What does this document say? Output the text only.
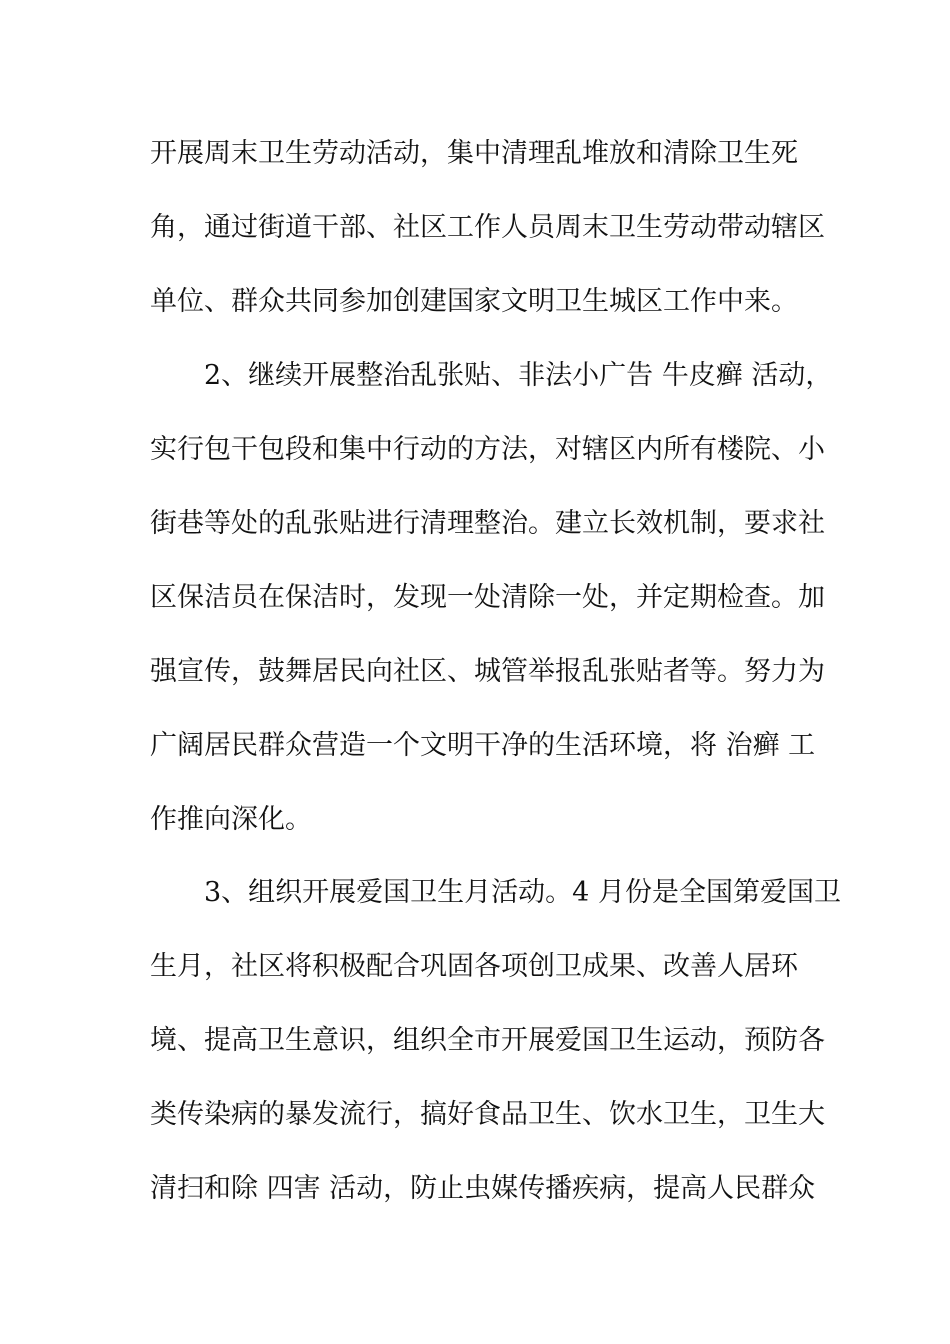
开展周末卫生劳动活动，集中清理乱堆放和清除卫生死
角，通过街道干部、社区工作人员周末卫生劳动带动辖区
单位、群众共同参加创建国家文明卫生城区工作中来。
2、继续开展整治乱张贴、非法小广告 牛皮癣 活动，
实行包干包段和集中行动的方法，对辖区内所有楼院、小
街巷等处的乱张贴进行清理整治。建立长效机制，要求社
区保洁员在保洁时，发现一处清除一处，并定期检查。加
强宣传，鼓舞居民向社区、城管举报乱张贴者等。努力为
广阔居民群众营造一个文明干净的生活环境，将 治癣 工
作推向深化。
3、组织开展爱国卫生月活动。4 月份是全国第爱国卫
生月，社区将积极配合巩固各项创卫成果、改善人居环
境、提高卫生意识，组织全市开展爱国卫生运动，预防各
类传染病的暴发流行，搞好食品卫生、饮水卫生，卫生大
清扫和除 四害 活动，防止虫媒传播疾病，提高人民群众
